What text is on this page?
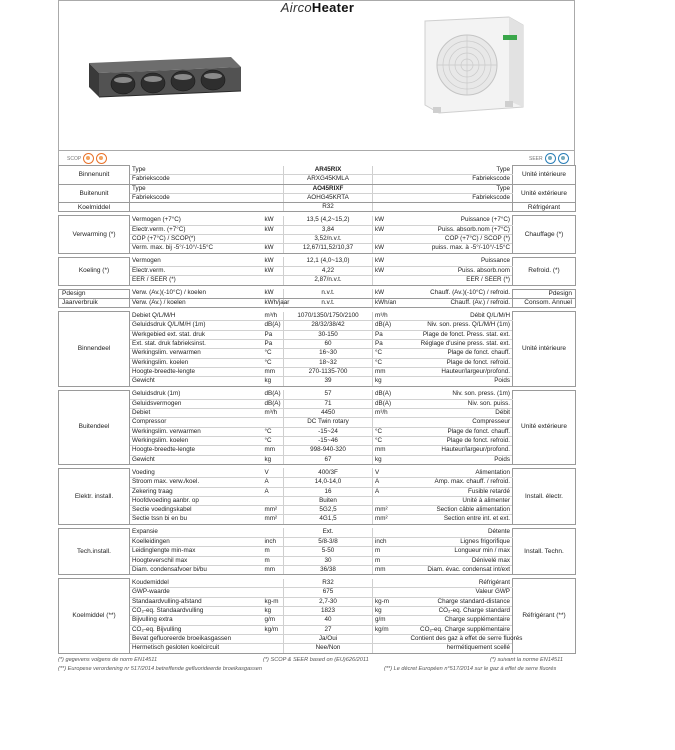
AircoHeater
SCOP	SEER
Binnenunit	Type		AR45RIX		Type	Unité intérieure
	Fabriekscode		ARXG45KMLA		Fabriekscode	
Buitenunit	Type		AO45RIXF		Type	Unité extérieure
	Fabriekscode		AOHG45KRTA		Fabriekscode	
Koelmiddel			R32			Réfrigérant

Verwarming (*)	Vermogen (+7°C)	kW	13,5 (4,2~15,2)	kW	Puissance (+7°C)	Chauffage (*)
	Electr.verm. (+7°C)	kW	3,84	kW	Puiss. absorb.nom (+7°C)	
	COP (+7°C) / SCOP(*)		3,52/n.v.t.		COP (+7°C) / SCOP (*)	
	Verm. max. bij -5°/-10°/-15°C	kW	12,67/11,52/10,37	kW	puiss. max. à -5°/-10°/-15°C	

Koeling (*)	Vermogen	kW	12,1 (4,0~13,0)	kW	Puissance	Refroid. (*)
	Electr.verm.	kW	4,22	kW	Puiss. absorb.nom	
	EER / SEER (*)		2,87/n.v.t.		EER / SEER (*)	

Pdesign	Verw. (Av.)(-10°C) / koelen	kW	n.v.t.	kW	Chauff. (Av.)(-10°C) / refroid.	Pdesign
Jaarverbruik	Verw. (Av.) / koelen	kWh/jaar	n.v.t.	kWh/an	Chauff. (Av.) / refroid.	Consom. Annuel

Binnendeel	Debiet Q/L/M/H	m³/h	1070/1350/1750/2100	m³/h	Débit Q/L/M/H	Unité intérieure
	Geluidsdruk Q/L/M/H (1m)	dB(A)	28/32/38/42	dB(A)	Niv. son. press. Q/L/M/H (1m)	
	Werkgebied ext. stat. druk	Pa	30-150	Pa	Plage de fonct. Press. stat. ext.	
	Ext. stat. druk fabrieksinst.	Pa	60	Pa	Réglage d'usine press. stat. ext.	
	Werkingslim. verwarmen	°C	16~30	°C	Plage de fonct. chauff.	
	Werkingslim. koelen	°C	18~32	°C	Plage de fonct. refroid.	
	Hoogte-breedte-lengte	mm	270-1135-700	mm	Hauteur/largeur/profond.	
	Gewicht	kg	39	kg	Poids	

Buitendeel	Geluidsdruk (1m)	dB(A)	57	dB(A)	Niv. son. press. (1m)	Unité extérieure
	Geluidsvermogen	dB(A)	71	dB(A)	Niv. son. puiss.	
	Debiet	m³/h	4450	m³/h	Débit	
	Compressor		DC Twin rotary		Compresseur	
	Werkingslim. verwarmen	°C	-15~24	°C	Plage de fonct. chauff.	
	Werkingslim. koelen	°C	-15~46	°C	Plage de fonct. refroid.	
	Hoogte-breedte-lengte	mm	998-940-320	mm	Hauteur/largeur/profond.	
	Gewicht	kg	67	kg	Poids	

Elektr. install.	Voeding	V	400/3F	V	Alimentation	Install. électr.
	Stroom max. verw./koel.	A	14,0-14,0	A	Amp. max. chauff. / refroid.	
	Zekering traag	A	16	A	Fusible retardé	
	Hoofdvoeding aanbr. op		Buiten		Unité à alimenter	
	Sectie voedingskabel	mm²	5G2,5	mm²	Section câble alimentation	
	Sectie tssn bi en bu	mm²	4G1,5	mm²	Section entre int. et ext.	

Tech.install.	Expansie		Ext.		Détente	Install. Techn.
	Koelleidingen	inch	5/8-3/8	inch	Lignes frigorifique	
	Leidinglengte min-max	m	5-50	m	Longueur min / max	
	Hoogteverschil max	m	30	m	Dénivelé max	
	Diam. condensafvoer bi/bu	mm	36/38	mm	Diam. évac. condensat int/ext	

Koelmiddel (**)	Koudemiddel		R32		Réfrigérant	Réfrigérant (**)
	GWP-waarde		675		Valeur GWP	
	Standaardvulling-afstand	kg-m	2,7-30	kg-m	Charge standard-distance	
	CO₂-eq. Standaardvulling	kg	1823	kg	CO₂-eq. Charge standard	
	Bijvulling extra	g/m	40	g/m	Charge supplémentaire	
	CO₂-eq. Bijvulling	kg/m	27	kg/m	CO₂-eq. Charge supplémentaire	
	Bevat gefluoreerde broeikasgassen		Ja/Oui		Contient des gaz à effet de serre fluorés	
	Hermetisch gesloten koelcircuit		Nee/Non		hermétiquement scellé	
(*) gegevens volgens de norm EN14511	(*) SCOP & SEER based on (EU)626/2011	(*) suivant la norme EN14511
(**) Europese verordening nr 517/2014 betreffende gefluorideerde broeikasgassen	(**) Le décret Européen n°517/2014 sur le gaz à effet de serre fluorés
